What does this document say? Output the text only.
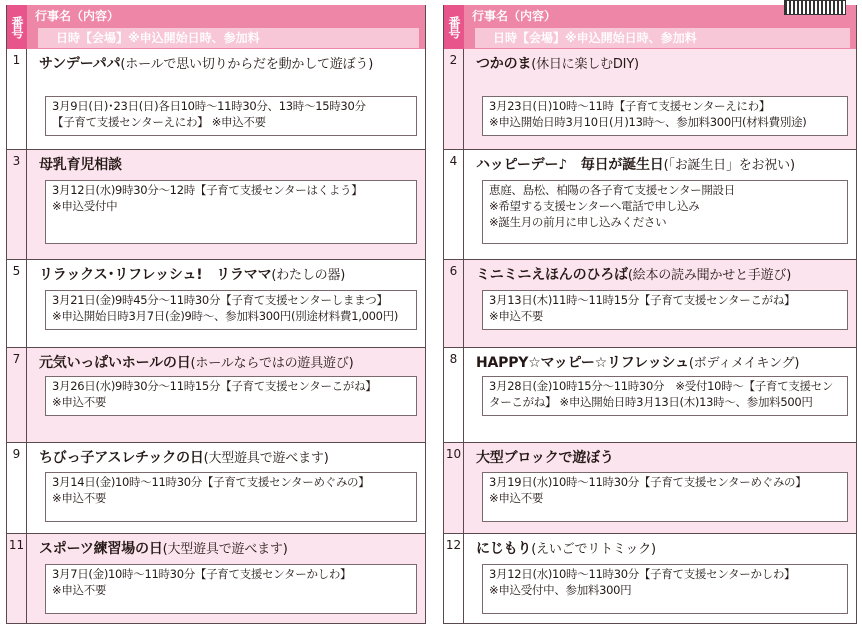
番号 行事名（内容）
日時【会場】※申込開始日時、参加料
1	サンデーパパ(ホールで思い切りからだを動かして遊ぼう)
3月9日(日)･23日(日)各日10時～11時30分、13時～15時30分
【子育て支援センターえにわ】 ※申込不要
3	母乳育児相談
3月12日(水)9時30分～12時【子育て支援センターはくよう】
※申込受付中
5	リラックス･リフレッシュ!　リラママ(わたしの器)
3月21日(金)9時45分～11時30分【子育て支援センターしままつ】
※申込開始日時3月7日(金)9時～、参加料300円(別途材料費1,000円)
7	元気いっぱいホールの日(ホールならではの遊具遊び)
3月26日(水)9時30分～11時15分【子育て支援センターこがね】
※申込不要
9	ちびっ子アスレチックの日(大型遊具で遊べます)
3月14日(金)10時～11時30分【子育て支援センターめぐみの】
※申込不要
11 スポーツ練習場の日(大型遊具で遊べます)
3月7日(金)10時～11時30分【子育て支援センターかしわ】
※申込不要
番号 行事名（内容）
日時【会場】※申込開始日時、参加料
2	つかのま(休日に楽しむDIY)
3月23日(日)10時～11時【子育て支援センターえにわ】
※申込開始日時3月10日(月)13時～、参加料300円(材料費別途)
4	ハッピーデー♪　毎日が誕生日(「お誕生日」をお祝い)
恵庭、島松、柏陽の各子育て支援センター開設日
※希望する支援センターへ電話で申し込み
※誕生月の前月に申し込みください
6	ミニミニえほんのひろば(絵本の読み聞かせと手遊び)
3月13日(木)11時～11時15分【子育て支援センターこがね】
※申込不要
8	HAPPY☆マッピー☆リフレッシュ(ボディメイキング)
3月28日(金)10時15分～11時30分　※受付10時～【子育て支援セン
ターこがね】 ※申込開始日時3月13日(木)13時～、参加料500円
10 大型ブロックで遊ぼう
3月19日(水)10時～11時30分【子育て支援センターめぐみの】
※申込不要
12 にじもり(えいごでリトミック)
3月12日(水)10時～11時30分【子育て支援センターかしわ】
※申込受付中、参加料300円
